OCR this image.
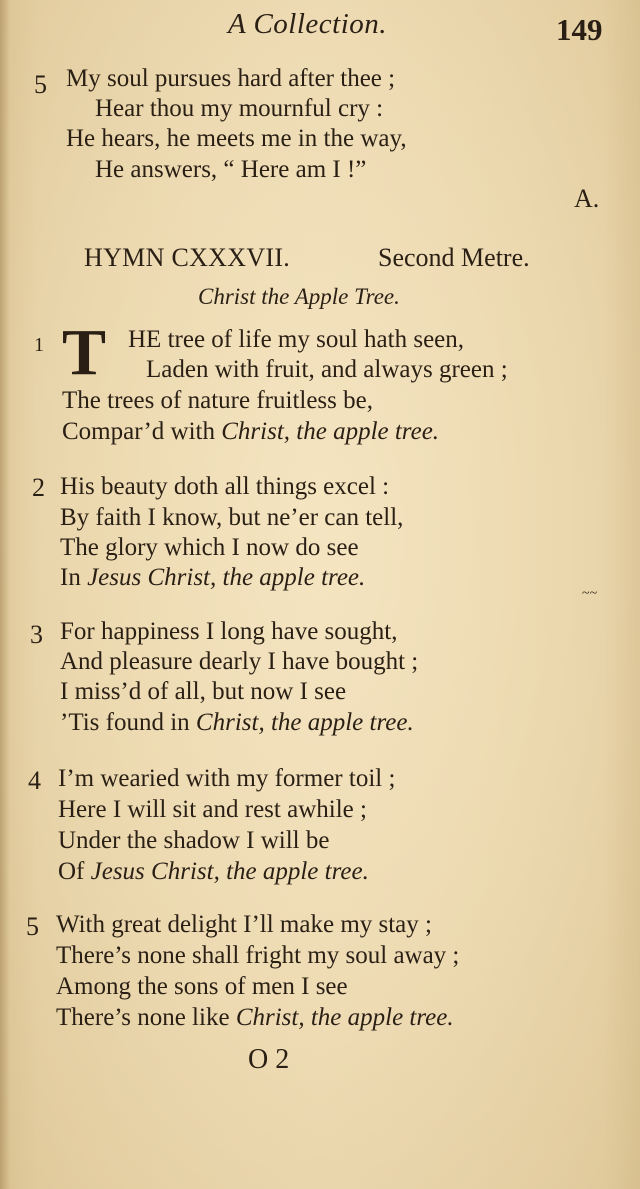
A Collection.	149
5 My soul pursues hard after thee ;
Hear thou my mournful cry :
He hears, he meets me in the way,
He answers, “ Here am I !”
A.
HYMN CXXXVII.	Second Metre.
Christ the Apple Tree.
1 T HE tree of life my soul hath seen,
Laden with fruit, and always green ;
The trees of nature fruitless be,
Compar’d with Christ, the apple tree.
2 His beauty doth all things excel :
By faith I know, but ne’er can tell,
The glory which I now do see
In Jesus Christ, the apple tree.
~~
3 For happiness I long have sought,
And pleasure dearly I have bought ;
I miss’d of all, but now I see
’Tis found in Christ, the apple tree.
4 I’m wearied with my former toil ;
Here I will sit and rest awhile ;
Under the shadow I will be
Of Jesus Christ, the apple tree.
5 With great delight I’ll make my stay ;
There’s none shall fright my soul away ;
Among the sons of men I see
There’s none like Christ, the apple tree.
O 2
